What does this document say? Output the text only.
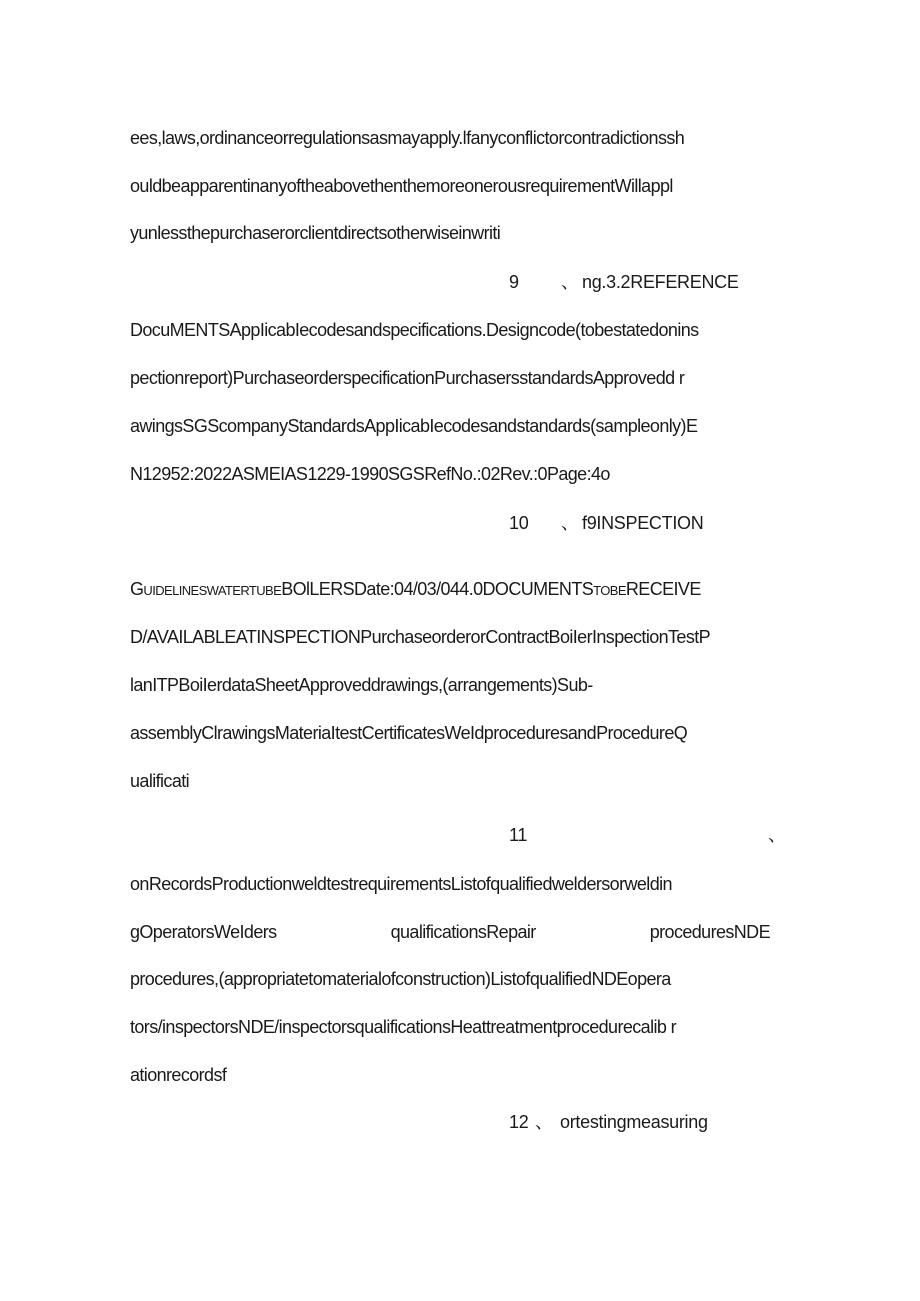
ees,laws,ordinanceorregulationsasmayapply.lfanyconflictorcontradictionssh
ouldbeapparentinanyoftheabovethenthemoreonerousrequirementWillappl
yunlessthepurchaserorclientdirectsotherwiseinwriti
9 、 ng.3.2REFERENCE
DocuMENTSAppIicabIecodesandspecifications.Designcode(tobestatedonins
pectionreport)PurchaseorderspecificationPurchasersstandardsApprovedd r
awingsSGScompanyStandardsAppIicabIecodesandstandards(sampleonly)E
N12952:2022ASMEIAS1229-1990SGSRefNo.:02Rev.:0Page:4o
10 、 f9INSPECTION
GUIDELINESWATERTUBEBOlLERSDate:04/03/044.0DOCUMENTSTOBERECEIVE
D/AVAILABLEATINSPECTIONPurchaseorderorContractBoiIerInspectionTestP
lanITPBoiIerdataSheetApproveddrawings,(arrangements)Sub-
assemblyClrawingsMateriaItestCertificatesWeIdproceduresandProcedureQ
ualificati
11	、
onRecordsProductionweldtestrequirementsListofqualifiedweldersorweldin
gOperatorsWeIders	qualificationsRepair	proceduresNDE
procedures,(appropriatetomaterialofconstruction)ListofqualifiedNDEopera
tors/inspectorsNDE/inspectorsqualificationsHeattreatmentprocedurecalib r
ationrecordsf
12 、 ortestingmeasuring
